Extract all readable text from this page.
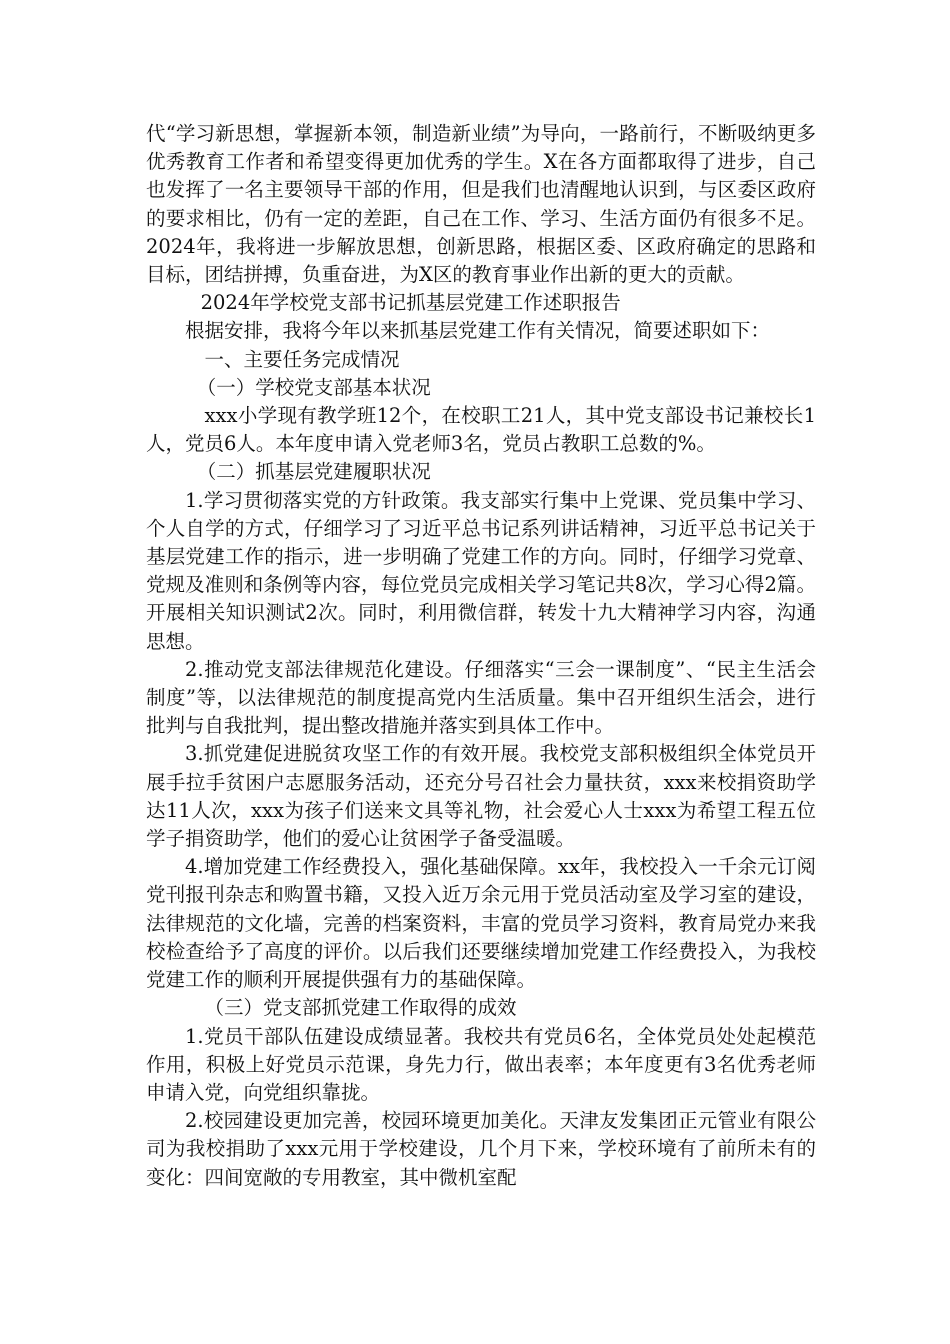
代“学习新思想，掌握新本领，制造新业绩”为导向，一路前行，不断吸纳更多优秀教育工作者和希望变得更加优秀的学生。X在各方面都取得了进步，自己也发挥了一名主要领导干部的作用，但是我们也清醒地认识到，与区委区政府的要求相比，仍有一定的差距，自己在工作、学习、生活方面仍有很多不足。2024年，我将进一步解放思想，创新思路，根据区委、区政府确定的思路和目标，团结拼搏，负重奋进，为X区的教育事业作出新的更大的贡献。

2024年学校党支部书记抓基层党建工作述职报告

根据安排，我将今年以来抓基层党建工作有关情况，简要述职如下：

一、主要任务完成情况

（一）学校党支部基本状况

xxx小学现有教学班12个，在校职工21人，其中党支部设书记兼校长1人，党员6人。本年度申请入党老师3名，党员占教职工总数的%。

（二）抓基层党建履职状况

1.学习贯彻落实党的方针政策。我支部实行集中上党课、党员集中学习、个人自学的方式，仔细学习了习近平总书记系列讲话精神，习近平总书记关于基层党建工作的指示，进一步明确了党建工作的方向。同时，仔细学习党章、党规及准则和条例等内容，每位党员完成相关学习笔记共8次，学习心得2篇。开展相关知识测试2次。同时，利用微信群，转发十九大精神学习内容，沟通思想。

2.推动党支部法律规范化建设。仔细落实“三会一课制度”、“民主生活会制度”等，以法律规范的制度提高党内生活质量。集中召开组织生活会，进行批判与自我批判，提出整改措施并落实到具体工作中。

3.抓党建促进脱贫攻坚工作的有效开展。我校党支部积极组织全体党员开展手拉手贫困户志愿服务活动，还充分号召社会力量扶贫，xxx来校捐资助学达11人次，xxx为孩子们送来文具等礼物，社会爱心人士xxx为希望工程五位学子捐资助学，他们的爱心让贫困学子备受温暖。

4.增加党建工作经费投入，强化基础保障。xx年，我校投入一千余元订阅党刊报刊杂志和购置书籍，又投入近万余元用于党员活动室及学习室的建设，法律规范的文化墙，完善的档案资料，丰富的党员学习资料，教育局党办来我校检查给予了高度的评价。以后我们还要继续增加党建工作经费投入，为我校党建工作的顺利开展提供强有力的基础保障。

（三）党支部抓党建工作取得的成效

1.党员干部队伍建设成绩显著。我校共有党员6名，全体党员处处起模范作用，积极上好党员示范课，身先力行，做出表率；本年度更有3名优秀老师申请入党，向党组织靠拢。

2.校园建设更加完善，校园环境更加美化。天津友发集团正元管业有限公司为我校捐助了xxx元用于学校建设，几个月下来，学校环境有了前所未有的变化：四间宽敞的专用教室，其中微机室配
